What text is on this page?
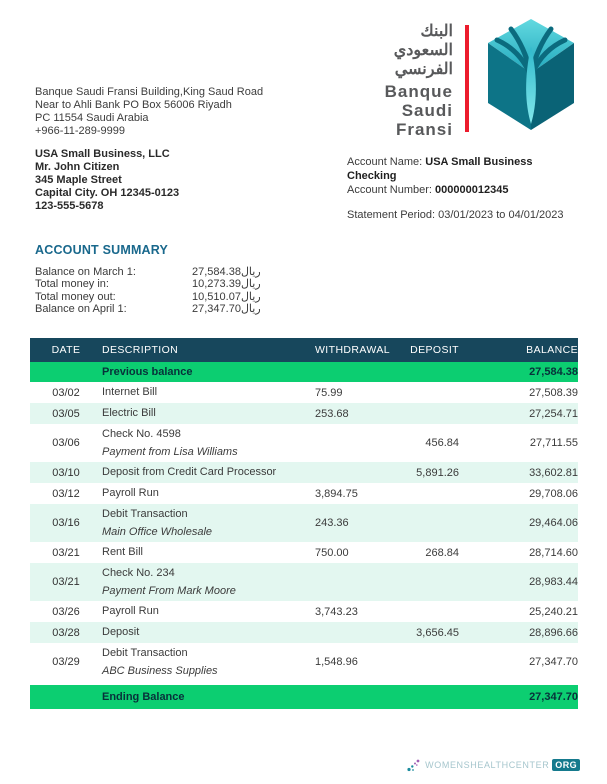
Banque Saudi Fransi Building,King Saud Road
Near to Ahli Bank PO Box 56006 Riyadh
PC 11554 Saudi Arabia
+966-11-289-9999
البنك
السعودي
الفرنسي
Banque
Saudi
Fransi
USA Small Business, LLC
Mr. John Citizen
345 Maple Street
Capital City. OH 12345-0123
123-555-5678
Account Name: USA Small Business Checking
Account Number: 000000012345
Statement Period: 03/01/2023 to 04/01/2023
ACCOUNT SUMMARY
Balance on March 1:	ريال27,584.38
Total money in:	ريال10,273.39
Total money out:	ريال10,510.07
Balance on April 1:	ريال27,347.70
DATE	DESCRIPTION	WITHDRAWAL	DEPOSIT	BALANCE

	Previous balance			27,584.38
03/02	Internet Bill	75.99		27,508.39
03/05	Electric Bill	253.68		27,254.71
03/06	Check No. 4598
Payment from Lisa Williams		456.84	27,711.55
03/10	Deposit from Credit Card Processor		5,891.26	33,602.81
03/12	Payroll Run	3,894.75		29,708.06
03/16	Debit Transaction
Main Office Wholesale	243.36		29,464.06
03/21	Rent Bill	750.00	268.84	28,714.60
03/21	Check No. 234
Payment From Mark Moore			28,983.44
03/26	Payroll Run	3,743.23		25,240.21
03/28	Deposit		3,656.45	28,896.66
03/29	Debit Transaction
ABC Business Supplies	1,548.96		27,347.70

	Ending Balance			27,347.70
WOMENSHEALTHCENTER ORG
